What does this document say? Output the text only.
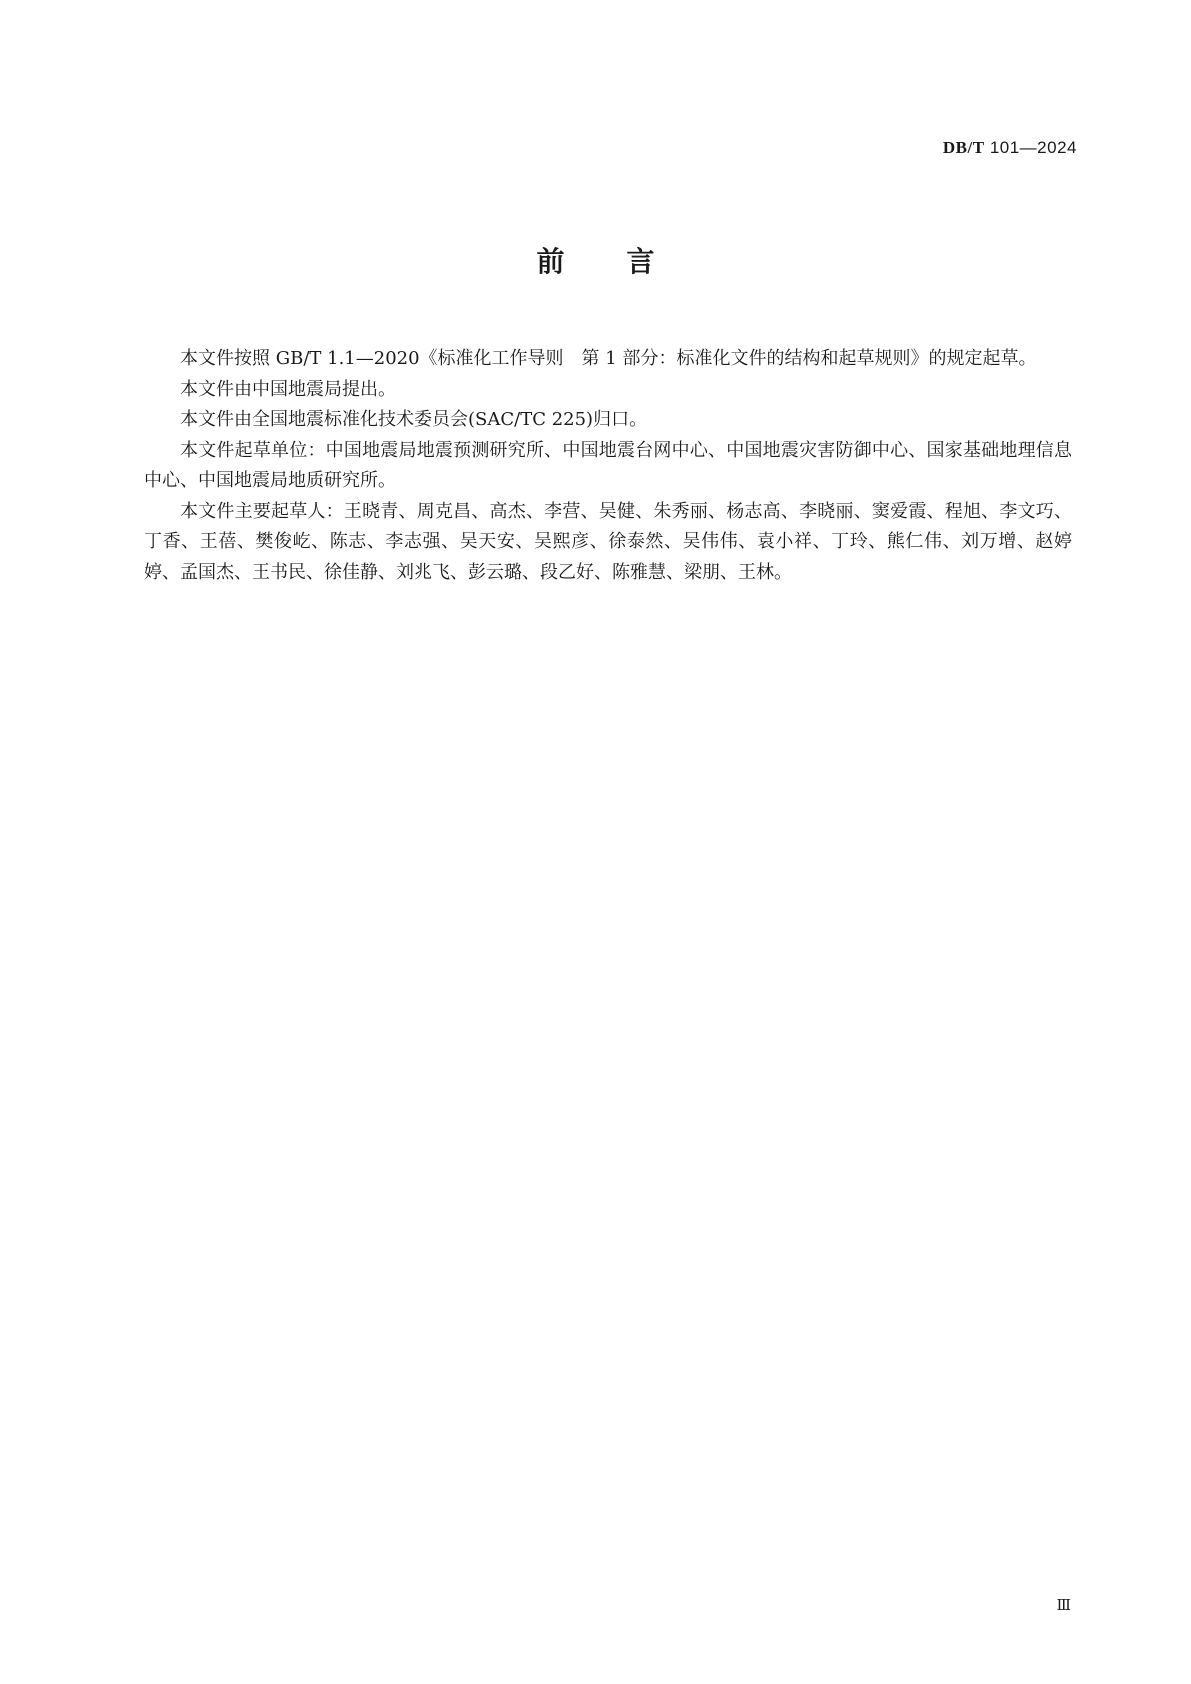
DB/T 101—2024
前 言

本文件按照 GB/T 1.1—2020《标准化工作导则　第 1 部分：标准化文件的结构和起草规则》的规定起草。

本文件由中国地震局提出。

本文件由全国地震标准化技术委员会(SAC/TC 225)归口。

本文件起草单位：中国地震局地震预测研究所、中国地震台网中心、中国地震灾害防御中心、国家基础地理信息中心、中国地震局地质研究所。

本文件主要起草人：王晓青、周克昌、高杰、李营、吴健、朱秀丽、杨志高、李晓丽、窦爱霞、程旭、李文巧、丁香、王蓓、樊俊屹、陈志、李志强、吴天安、吴熙彦、徐泰然、吴伟伟、袁小祥、丁玲、熊仁伟、刘万增、赵婷婷、孟国杰、王书民、徐佳静、刘兆飞、彭云璐、段乙好、陈雅慧、梁朋、王林。

Ⅲ
